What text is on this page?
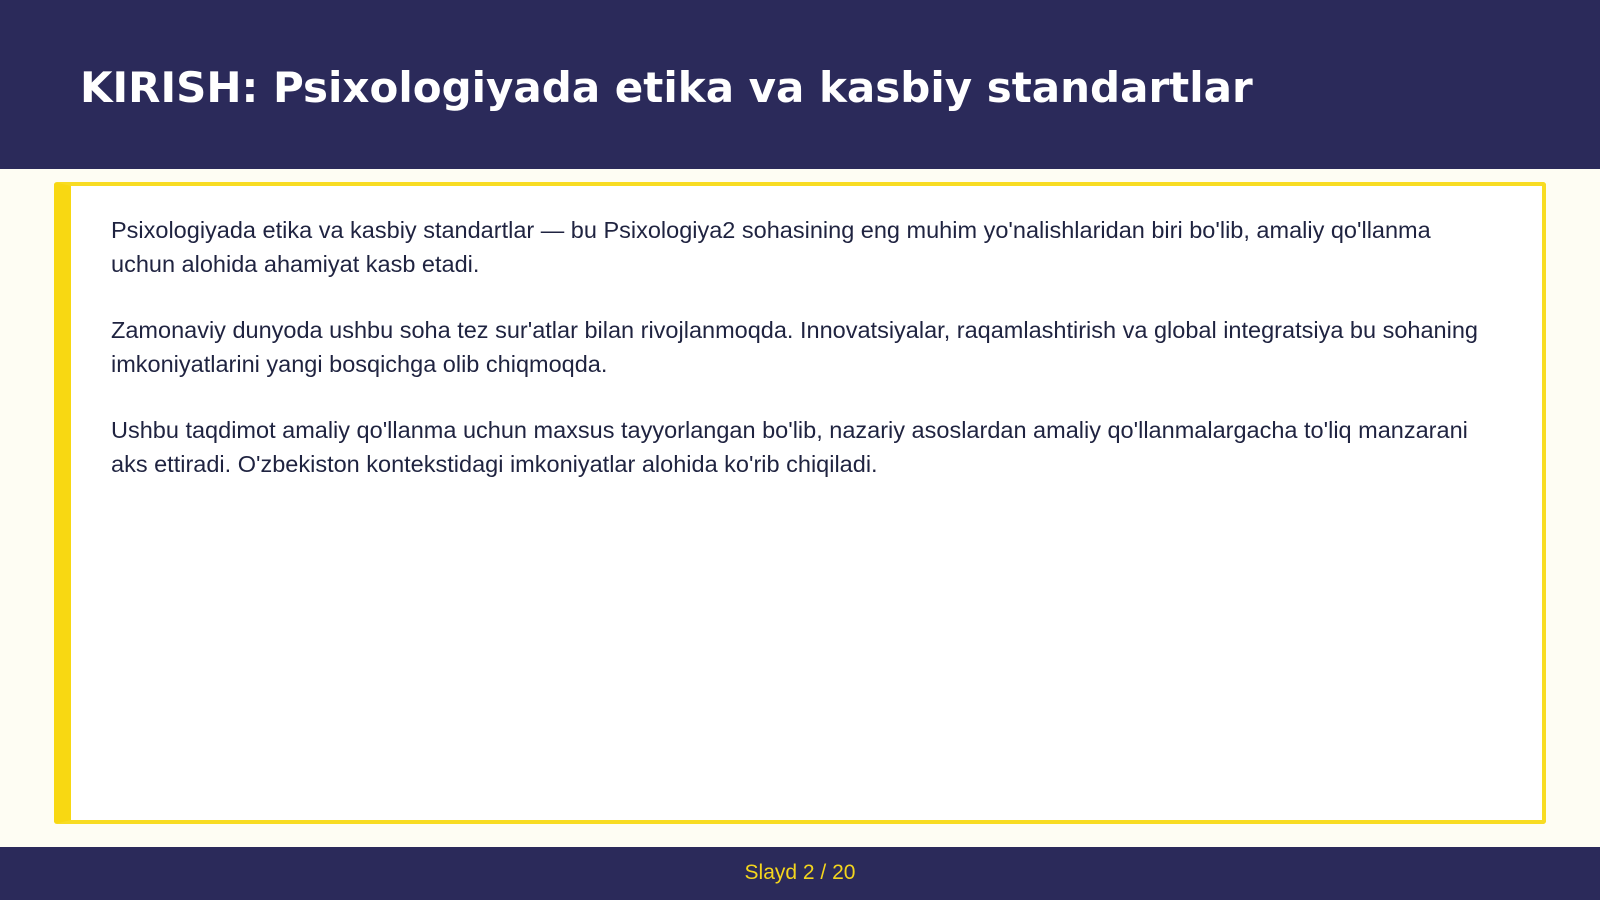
KIRISH: Psixologiyada etika va kasbiy standartlar

Psixologiyada etika va kasbiy standartlar — bu Psixologiya2 sohasining eng muhim yo'nalishlaridan biri bo'lib, amaliy qo'llanma uchun alohida ahamiyat kasb etadi.

Zamonaviy dunyoda ushbu soha tez sur'atlar bilan rivojlanmoqda. Innovatsiyalar, raqamlashtirish va global integratsiya bu sohaning imkoniyatlarini yangi bosqichga olib chiqmoqda.

Ushbu taqdimot amaliy qo'llanma uchun maxsus tayyorlangan bo'lib, nazariy asoslardan amaliy qo'llanmalargacha to'liq manzarani aks ettiradi. O'zbekiston kontekstidagi imkoniyatlar alohida ko'rib chiqiladi.

Slayd 2 / 20
